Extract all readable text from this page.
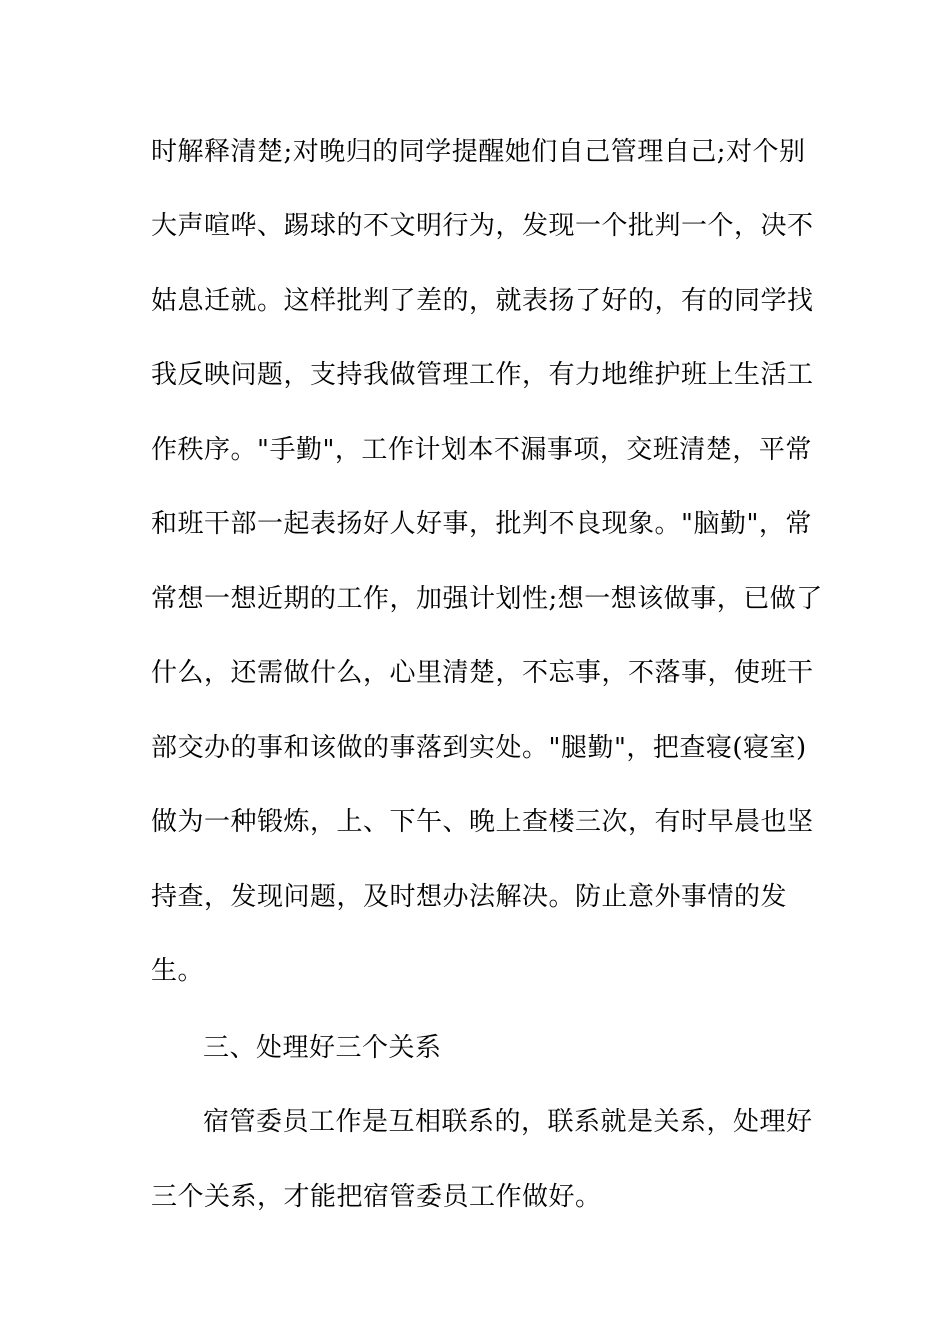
时解释清楚;对晚归的同学提醒她们自己管理自己;对个别
大声喧哗、踢球的不文明行为，发现一个批判一个，决不
姑息迁就。这样批判了差的，就表扬了好的，有的同学找
我反映问题，支持我做管理工作，有力地维护班上生活工
作秩序。"手勤"，工作计划本不漏事项，交班清楚，平常
和班干部一起表扬好人好事，批判不良现象。"脑勤"，常
常想一想近期的工作，加强计划性;想一想该做事，已做了
什么，还需做什么，心里清楚，不忘事，不落事，使班干
部交办的事和该做的事落到实处。"腿勤"，把查寝(寝室)
做为一种锻炼，上、下午、晚上查楼三次，有时早晨也坚
持查，发现问题，及时想办法解决。防止意外事情的发
生。
三、处理好三个关系
宿管委员工作是互相联系的，联系就是关系，处理好
三个关系，才能把宿管委员工作做好。
